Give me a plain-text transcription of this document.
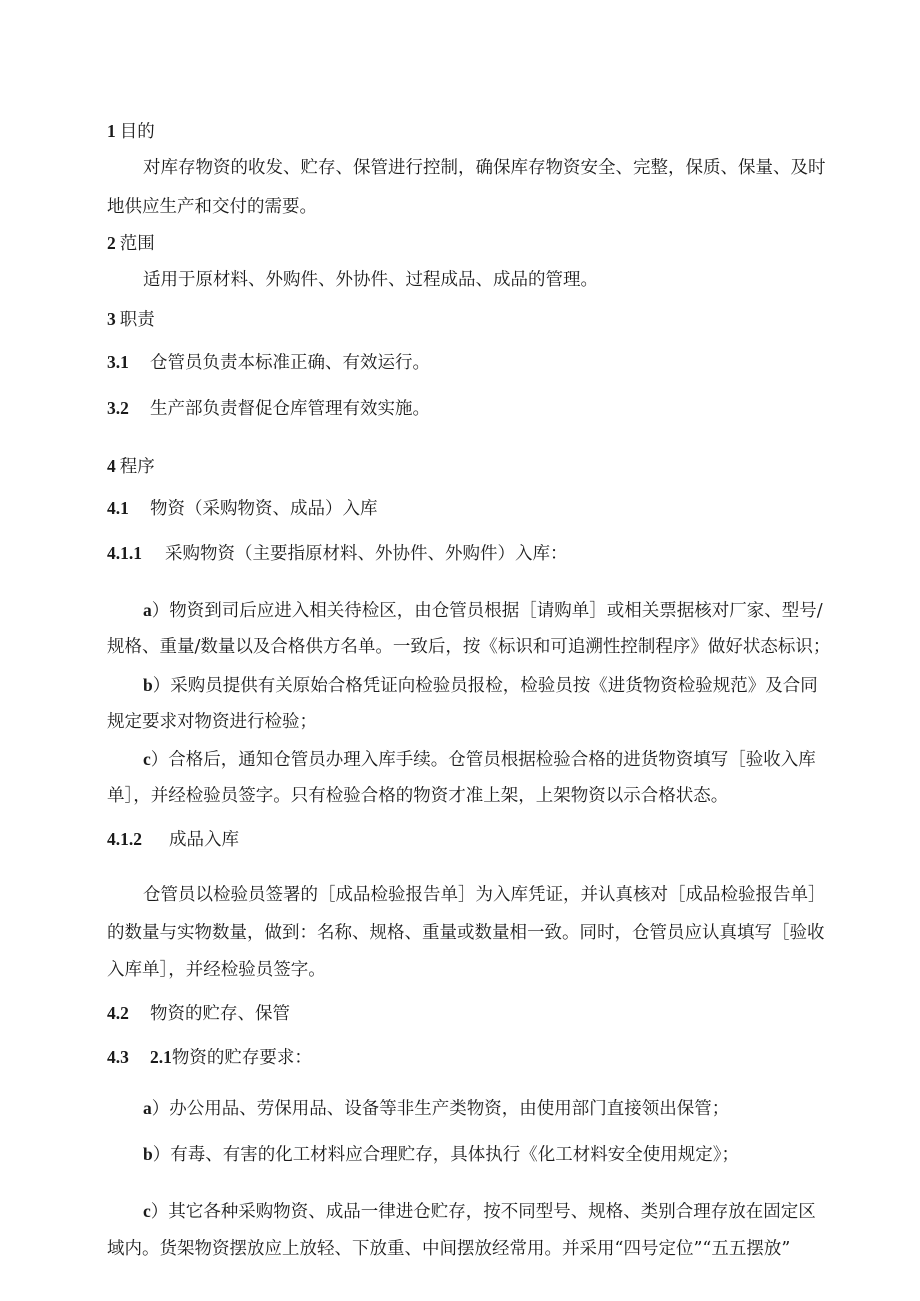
1 目的
对库存物资的收发、贮存、保管进行控制，确保库存物资安全、完整，保质、保量、及时
地供应生产和交付的需要。
2 范围
适用于原材料、外购件、外协件、过程成品、成品的管理。
3 职责
3.1 仓管员负责本标准正确、有效运行。
3.2 生产部负责督促仓库管理有效实施。
4 程序
4.1 物资（采购物资、成品）入库
4.1.1 采购物资（主要指原材料、外协件、外购件）入库：
a）物资到司后应进入相关待检区，由仓管员根据［请购单］或相关票据核对厂家、型号/
规格、重量/数量以及合格供方名单。一致后，按《标识和可追溯性控制程序》做好状态标识；
b）采购员提供有关原始合格凭证向检验员报检，检验员按《进货物资检验规范》及合同
规定要求对物资进行检验；
c）合格后，通知仓管员办理入库手续。仓管员根据检验合格的进货物资填写［验收入库
单］，并经检验员签字。只有检验合格的物资才准上架，上架物资以示合格状态。
4.1.2 成品入库
仓管员以检验员签署的［成品检验报告单］为入库凭证，并认真核对［成品检验报告单］
的数量与实物数量，做到：名称、规格、重量或数量相一致。同时，仓管员应认真填写［验收
入库单］，并经检验员签字。
4.2 物资的贮存、保管
4.3 2.1物资的贮存要求：
a）办公用品、劳保用品、设备等非生产类物资，由使用部门直接领出保管；
b）有毒、有害的化工材料应合理贮存，具体执行《化工材料安全使用规定》；
c）其它各种采购物资、成品一律进仓贮存，按不同型号、规格、类别合理存放在固定区
域内。货架物资摆放应上放轻、下放重、中间摆放经常用。并采用“四号定位”“五五摆放”
